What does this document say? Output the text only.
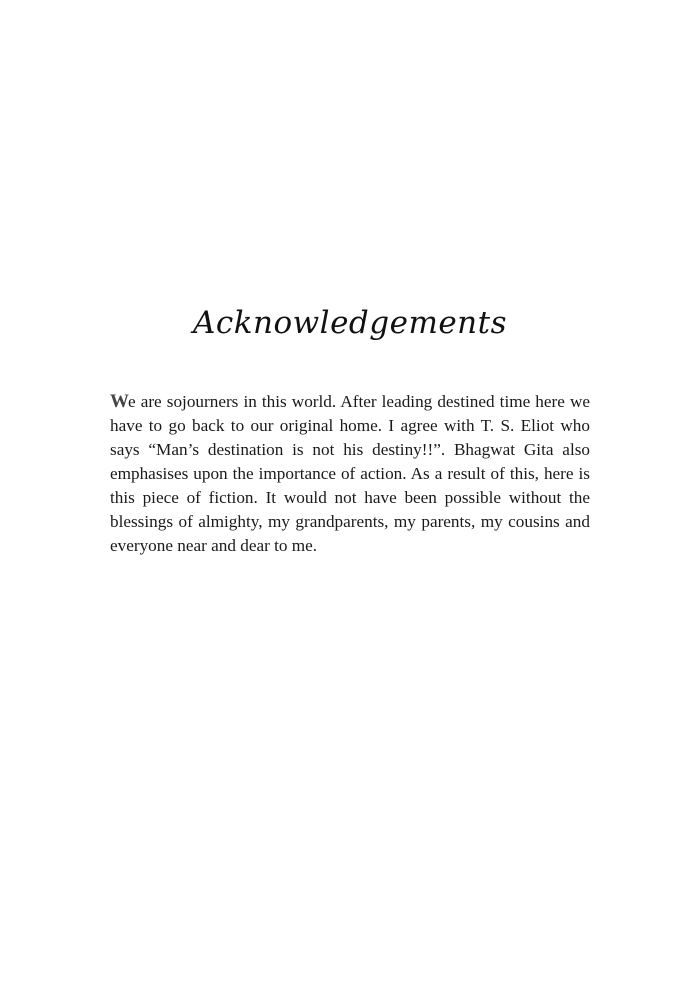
Acknowledgements

We are sojourners in this world. After leading destined time here we have to go back to our original home. I agree with T. S. Eliot who says “Man’s destination is not his destiny!!”. Bhagwat Gita also emphasises upon the importance of action. As a result of this, here is this piece of fiction. It would not have been possible without the blessings of almighty, my grandparents, my parents, my cousins and everyone near and dear to me.
